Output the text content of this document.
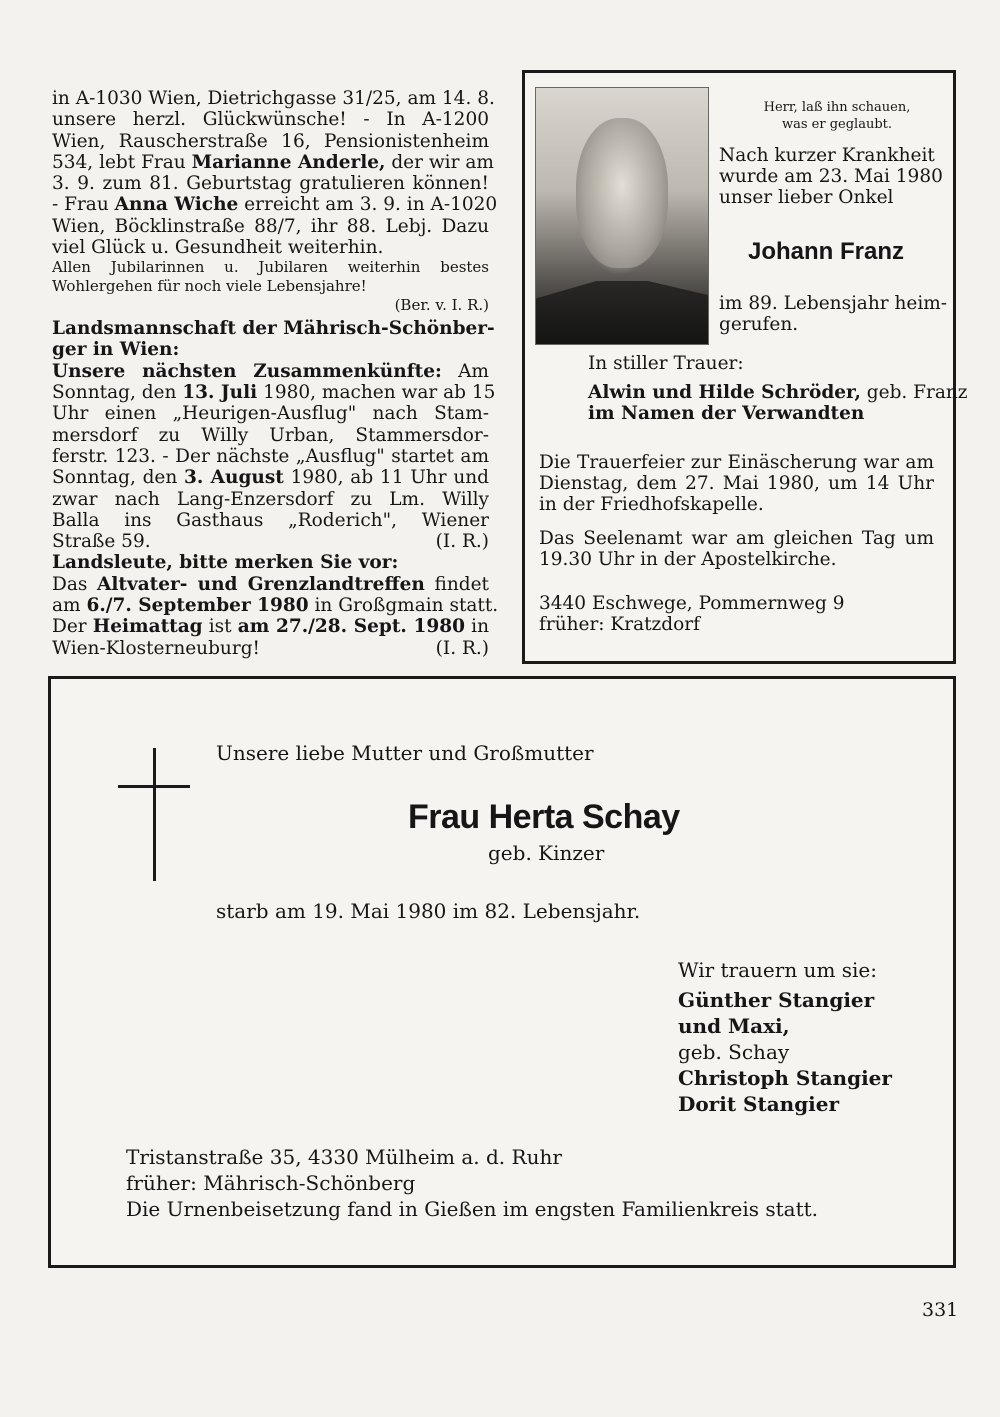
in A-1030 Wien, Dietrichgasse 31/25, am 14. 8.
unsere herzl. Glückwünsche! - In A-1200
Wien, Rauscherstraße 16, Pensionistenheim
534, lebt Frau Marianne Anderle, der wir am
3. 9. zum 81. Geburtstag gratulieren können!
- Frau Anna Wiche erreicht am 3. 9. in A-1020
Wien, Böcklinstraße 88/7, ihr 88. Lebj. Dazu
viel Glück u. Gesundheit weiterhin.
Allen Jubilarinnen u. Jubilaren weiterhin bestes
Wohlergehen für noch viele Lebensjahre!
(Ber. v. I. R.)
Landsmannschaft der Mährisch-Schönber-
ger in Wien:
Unsere nächsten Zusammenkünfte: Am
Sonntag, den 13. Juli 1980, machen war ab 15
Uhr einen „Heurigen-Ausflug" nach Stam-
mersdorf zu Willy Urban, Stammersdor-
ferstr. 123. - Der nächste „Ausflug" startet am
Sonntag, den 3. August 1980, ab 11 Uhr und
zwar nach Lang-Enzersdorf zu Lm. Willy
Balla ins Gasthaus „Roderich", Wiener
Straße 59.	(I. R.)
Landsleute, bitte merken Sie vor:
Das Altvater- und Grenzlandtreffen findet
am 6./7. September 1980 in Großgmain statt.
Der Heimattag ist am 27./28. Sept. 1980 in
Wien-Klosterneuburg!	(I. R.)
Herr, laß ihn schauen,
was er geglaubt.
Nach kurzer Krankheit
wurde am 23. Mai 1980
unser lieber Onkel
Johann Franz
im 89. Lebensjahr heim-
gerufen.
In stiller Trauer:
Alwin und Hilde Schröder, geb. Franz
im Namen der Verwandten
Die Trauerfeier zur Einäscherung war am
Dienstag, dem 27. Mai 1980, um 14 Uhr
in der Friedhofskapelle.
Das Seelenamt war am gleichen Tag um
19.30 Uhr in der Apostelkirche.
3440 Eschwege, Pommernweg 9
früher: Kratzdorf
Unsere liebe Mutter und Großmutter
Frau Herta Schay
geb. Kinzer
starb am 19. Mai 1980 im 82. Lebensjahr.
Wir trauern um sie:
Günther Stangier
und Maxi,
geb. Schay
Christoph Stangier
Dorit Stangier
Tristanstraße 35, 4330 Mülheim a. d. Ruhr
früher: Mährisch-Schönberg
Die Urnenbeisetzung fand in Gießen im engsten Familienkreis statt.
331
